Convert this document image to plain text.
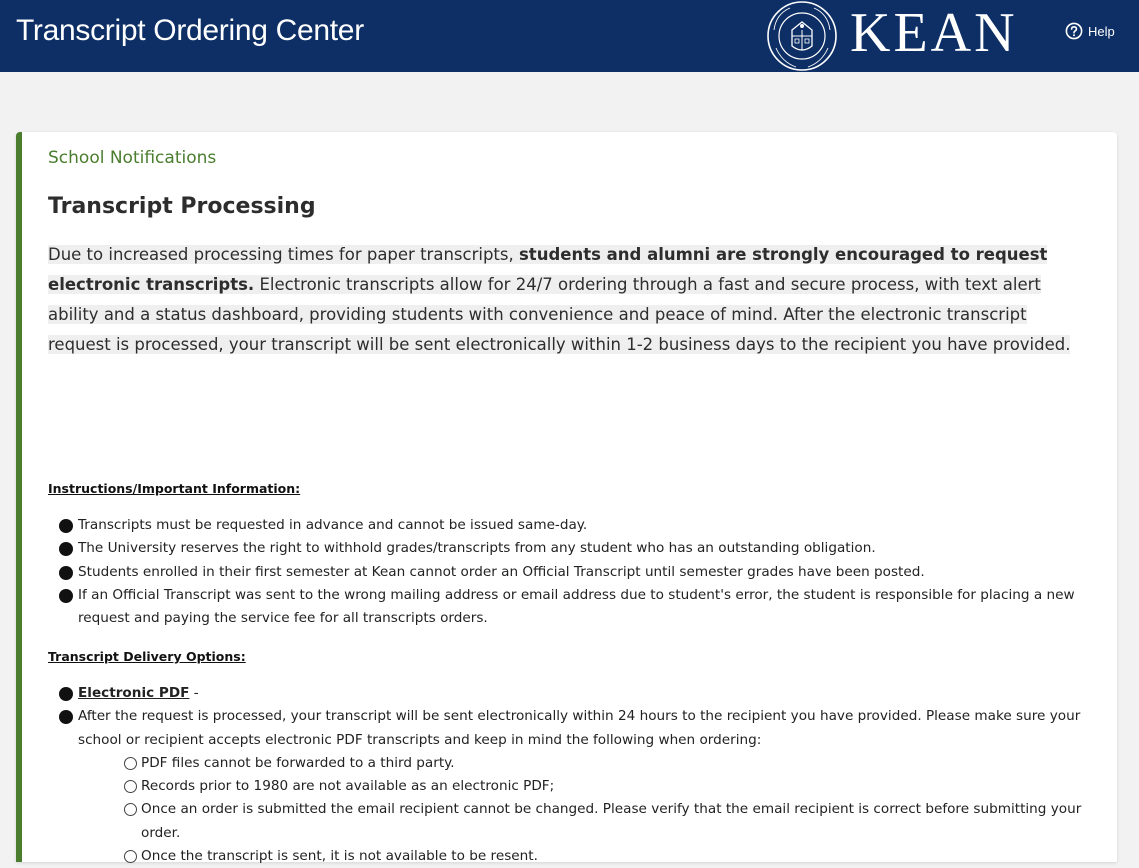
Transcript Ordering Center	KEAN	Help
School Notifications
Transcript Processing

Due to increased processing times for paper transcripts, students and alumni are strongly encouraged to request electronic transcripts. Electronic transcripts allow for 24/7 ordering through a fast and secure process, with text alert ability and a status dashboard, providing students with convenience and peace of mind. After the electronic transcript request is processed, your transcript will be sent electronically within 1-2 business days to the recipient you have provided.

Instructions/Important Information:
Transcripts must be requested in advance and cannot be issued same-day.
The University reserves the right to withhold grades/transcripts from any student who has an outstanding obligation.
Students enrolled in their first semester at Kean cannot order an Official Transcript until semester grades have been posted.
If an Official Transcript was sent to the wrong mailing address or email address due to student's error, the student is responsible for placing a new request and paying the service fee for all transcripts orders.
Transcript Delivery Options:
Electronic PDF -
After the request is processed, your transcript will be sent electronically within 24 hours to the recipient you have provided. Please make sure your school or recipient accepts electronic PDF transcripts and keep in mind the following when ordering:
PDF files cannot be forwarded to a third party.
Records prior to 1980 are not available as an electronic PDF;
Once an order is submitted the email recipient cannot be changed. Please verify that the email recipient is correct before submitting your order.
Once the transcript is sent, it is not available to be resent.
